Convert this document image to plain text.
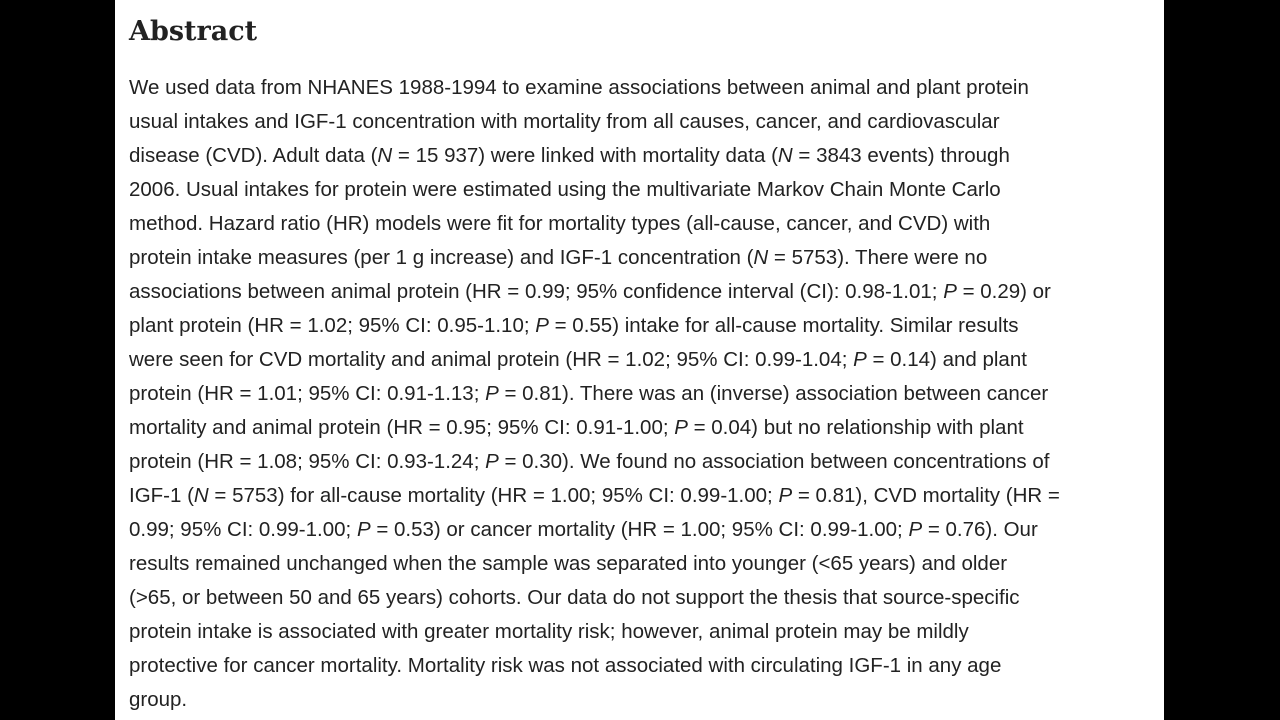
Abstract

We used data from NHANES 1988-1994 to examine associations between animal and plant protein
usual intakes and IGF-1 concentration with mortality from all causes, cancer, and cardiovascular
disease (CVD). Adult data (N = 15 937) were linked with mortality data (N = 3843 events) through
2006. Usual intakes for protein were estimated using the multivariate Markov Chain Monte Carlo
method. Hazard ratio (HR) models were fit for mortality types (all-cause, cancer, and CVD) with
protein intake measures (per 1 g increase) and IGF-1 concentration (N = 5753). There were no
associations between animal protein (HR = 0.99; 95% confidence interval (CI): 0.98-1.01; P = 0.29) or
plant protein (HR = 1.02; 95% CI: 0.95-1.10; P = 0.55) intake for all-cause mortality. Similar results
were seen for CVD mortality and animal protein (HR = 1.02; 95% CI: 0.99-1.04; P = 0.14) and plant
protein (HR = 1.01; 95% CI: 0.91-1.13; P = 0.81). There was an (inverse) association between cancer
mortality and animal protein (HR = 0.95; 95% CI: 0.91-1.00; P = 0.04) but no relationship with plant
protein (HR = 1.08; 95% CI: 0.93-1.24; P = 0.30). We found no association between concentrations of
IGF-1 (N = 5753) for all-cause mortality (HR = 1.00; 95% CI: 0.99-1.00; P = 0.81), CVD mortality (HR =
0.99; 95% CI: 0.99-1.00; P = 0.53) or cancer mortality (HR = 1.00; 95% CI: 0.99-1.00; P = 0.76). Our
results remained unchanged when the sample was separated into younger (<65 years) and older
(>65, or between 50 and 65 years) cohorts. Our data do not support the thesis that source-specific
protein intake is associated with greater mortality risk; however, animal protein may be mildly
protective for cancer mortality. Mortality risk was not associated with circulating IGF-1 in any age
group.
